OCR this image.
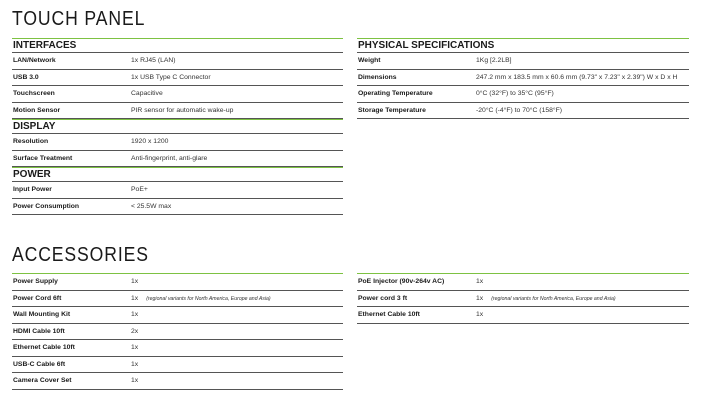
TOUCH PANEL
INTERFACES
LAN/Network	1x RJ45 (LAN)
USB 3.0	1x USB Type C Connector
Touchscreen	Capacitive
Motion Sensor	PIR sensor for automatic wake-up
DISPLAY
Resolution	1920 x 1200
Surface Treatment	Anti-fingerprint, anti-glare
POWER
Input Power	PoE+
Power Consumption	< 25.5W max
PHYSICAL SPECIFICATIONS
Weight	1Kg [2.2LB]
Dimensions	247.2 mm x 183.5 mm x 60.6 mm (9.73" x 7.23" x 2.39") W x D x H
Operating Temperature	0°C (32°F) to 35°C (95°F)
Storage Temperature	-20°C (-4°F) to 70°C (158°F)
ACCESSORIES
Power Supply	1x
Power Cord 6ft	1x (regional variants for North America, Europe and Asia)
Wall Mounting Kit	1x
HDMI Cable 10ft	2x
Ethernet Cable 10ft	1x
USB-C Cable 6ft	1x
Camera Cover Set	1x
PoE Injector (90v-264v AC)	1x
Power cord 3 ft	1x (regional variants for North America, Europe and Asia)
Ethernet Cable 10ft	1x
